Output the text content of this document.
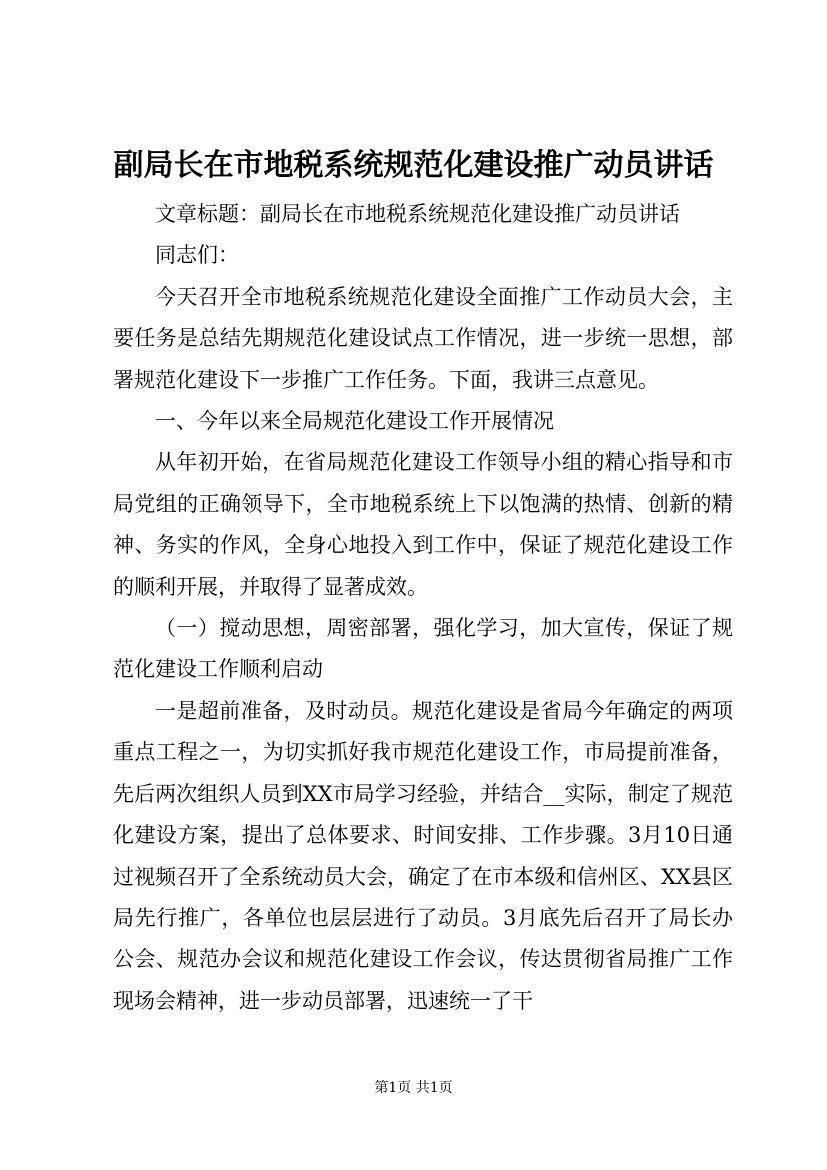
副局长在市地税系统规范化建设推广动员讲话

文章标题：副局长在市地税系统规范化建设推广动员讲话

同志们：

今天召开全市地税系统规范化建设全面推广工作动员大会，主要任务是总结先期规范化建设试点工作情况，进一步统一思想，部署规范化建设下一步推广工作任务。下面，我讲三点意见。

一、今年以来全局规范化建设工作开展情况

从年初开始，在省局规范化建设工作领导小组的精心指导和市局党组的正确领导下，全市地税系统上下以饱满的热情、创新的精神、务实的作风，全身心地投入到工作中，保证了规范化建设工作的顺利开展，并取得了显著成效。

（一）搅动思想，周密部署，强化学习，加大宣传，保证了规范化建设工作顺利启动

一是超前准备，及时动员。规范化建设是省局今年确定的两项重点工程之一，为切实抓好我市规范化建设工作，市局提前准备，先后两次组织人员到XX市局学习经验，并结合__实际，制定了规范化建设方案，提出了总体要求、时间安排、工作步骤。3月10日通过视频召开了全系统动员大会，确定了在市本级和信州区、XX县区局先行推广，各单位也层层进行了动员。3月底先后召开了局长办公会、规范办会议和规范化建设工作会议，传达贯彻省局推广工作现场会精神，进一步动员部署，迅速统一了干

第1页 共1页
